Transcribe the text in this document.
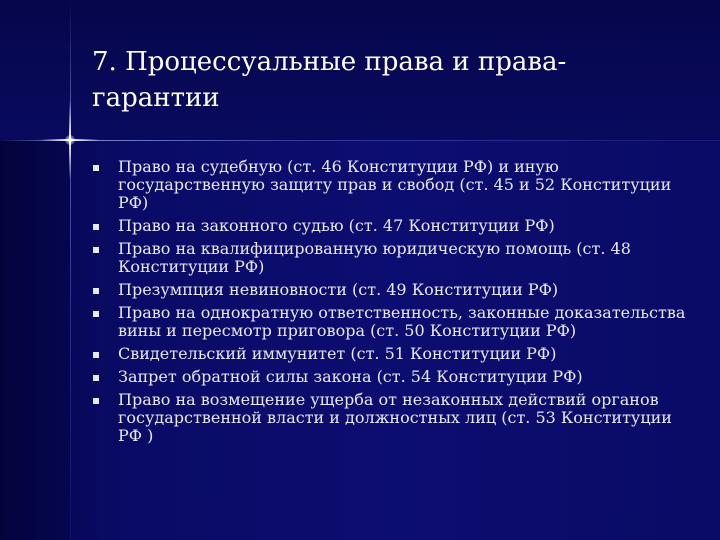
7. Процессуальные права и права-
гарантии
Право на судебную (ст. 46 Конституции РФ) и иную государственную защиту прав и свобод (ст. 45 и 52 Конституции РФ)
Право на законного судью (ст. 47 Конституции РФ)
Право на квалифицированную юридическую помощь (ст. 48 Конституции РФ)
Презумпция невиновности (ст. 49 Конституции РФ)
Право на однократную ответственность, законные доказательства вины и пересмотр приговора (ст. 50 Конституции РФ)
Свидетельский иммунитет (ст. 51 Конституции РФ)
Запрет обратной силы закона (ст. 54 Конституции РФ)
Право на возмещение ущерба от незаконных действий органов государственной власти и должностных лиц (ст. 53 Конституции РФ )
